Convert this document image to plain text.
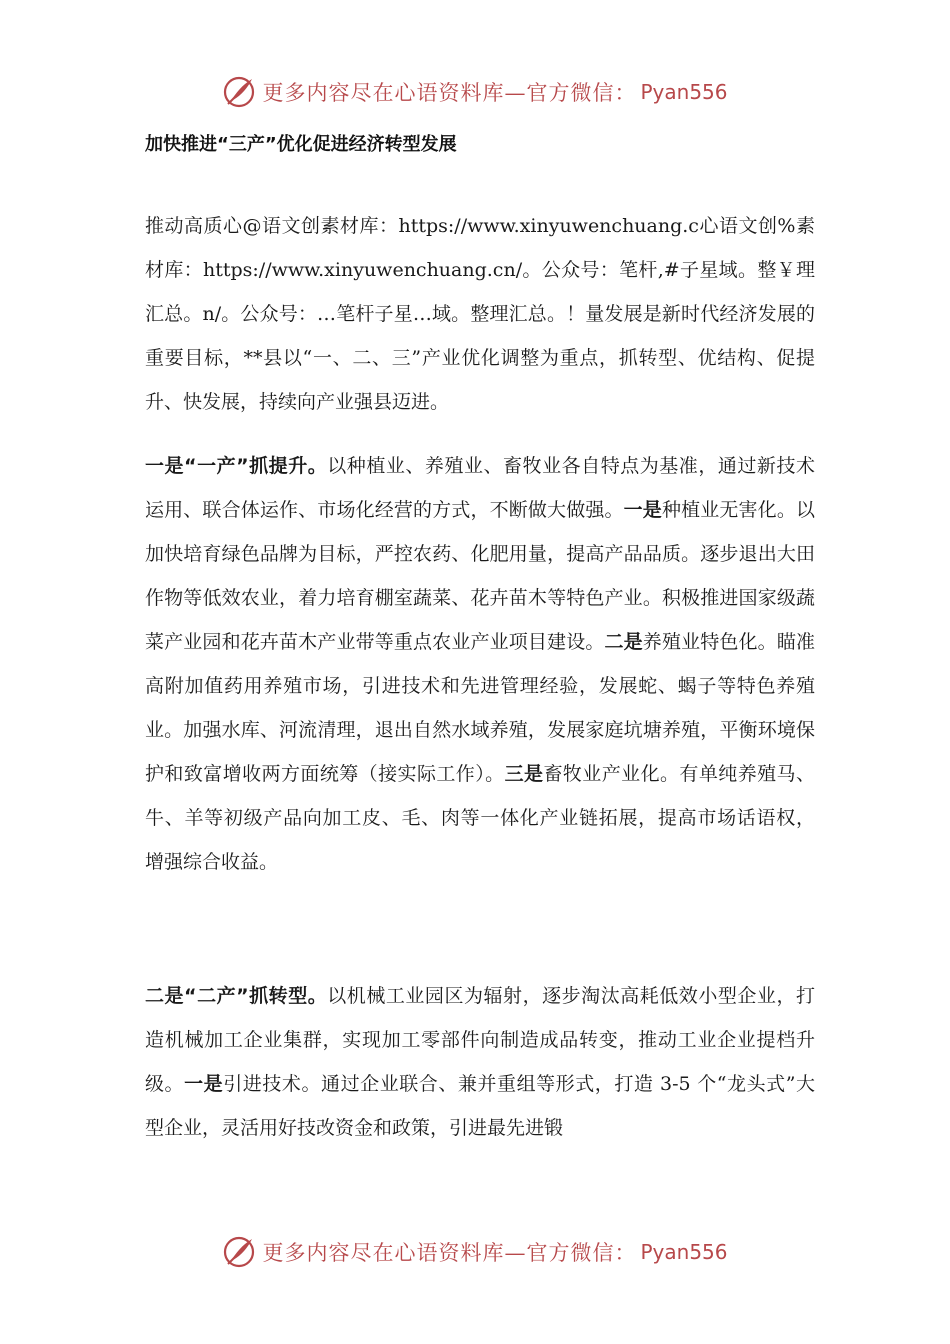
更多内容尽在心语资料库—官方微信： Pyan556
加快推进“三产”优化促进经济转型发展

推动高质心@语文创素材库：https://www.xinyuwenchuang.c心语文创%素材库：https://www.xinyuwenchuang.cn/。公众号：笔杆,#子星域。整￥理汇总。n/。公众号：…笔杆子星…域。整理汇总。！量发展是新时代经济发展的重要目标，**县以“一、二、三”产业优化调整为重点，抓转型、优结构、促提升、快发展，持续向产业强县迈进。

一是“一产”抓提升。以种植业、养殖业、畜牧业各自特点为基准，通过新技术运用、联合体运作、市场化经营的方式，不断做大做强。一是种植业无害化。以加快培育绿色品牌为目标，严控农药、化肥用量，提高产品品质。逐步退出大田作物等低效农业，着力培育棚室蔬菜、花卉苗木等特色产业。积极推进国家级蔬菜产业园和花卉苗木产业带等重点农业产业项目建设。二是养殖业特色化。瞄准高附加值药用养殖市场，引进技术和先进管理经验，发展蛇、蝎子等特色养殖业。加强水库、河流清理，退出自然水域养殖，发展家庭坑塘养殖，平衡环境保护和致富增收两方面统筹（接实际工作）。三是畜牧业产业化。有单纯养殖马、牛、羊等初级产品向加工皮、毛、肉等一体化产业链拓展，提高市场话语权， 增强综合收益。

二是“二产”抓转型。以机械工业园区为辐射，逐步淘汰高耗低效小型企业，打造机械加工企业集群，实现加工零部件向制造成品转变，推动工业企业提档升级。一是引进技术。通过企业联合、兼并重组等形式，打造 3-5 个“龙头式”大型企业，灵活用好技改资金和政策，引进最先进锻

更多内容尽在心语资料库—官方微信： Pyan556
